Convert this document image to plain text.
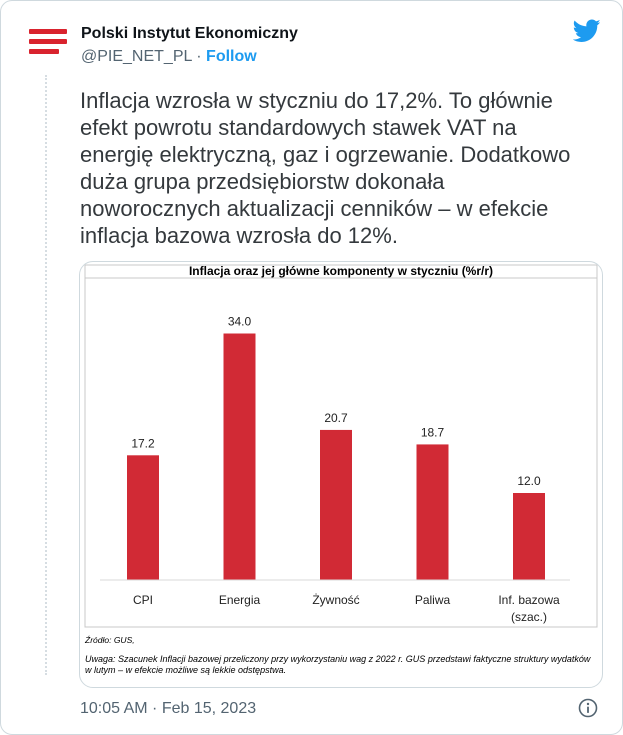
Polski Instytut Ekonomiczny
@PIE_NET_PL · Follow

Inflacja wzrosła w styczniu do 17,2%. To głównie efekt powrotu standardowych stawek VAT na energię elektryczną, gaz i ogrzewanie. Dodatkowo duża grupa przedsiębiorstw dokonała noworocznych aktualizacji cenników – w efekcie inflacja bazowa wzrosła do 12%.

Inflacja oraz jej główne komponenty w styczniu (%r/r)
17.2
CPI
34.0
Energia
20.7
Żywność
18.7
Paliwa
12.0
Inf. bazowa
(szac.)
Źródło: GUS,
Uwaga: Szacunek Inflacji bazowej przeliczony przy wykorzystaniu wag z 2022 r. GUS przedstawi faktyczne struktury wydatków w lutym – w efekcie możliwe są lekkie odstępstwa.
10:05 AM · Feb 15, 2023
